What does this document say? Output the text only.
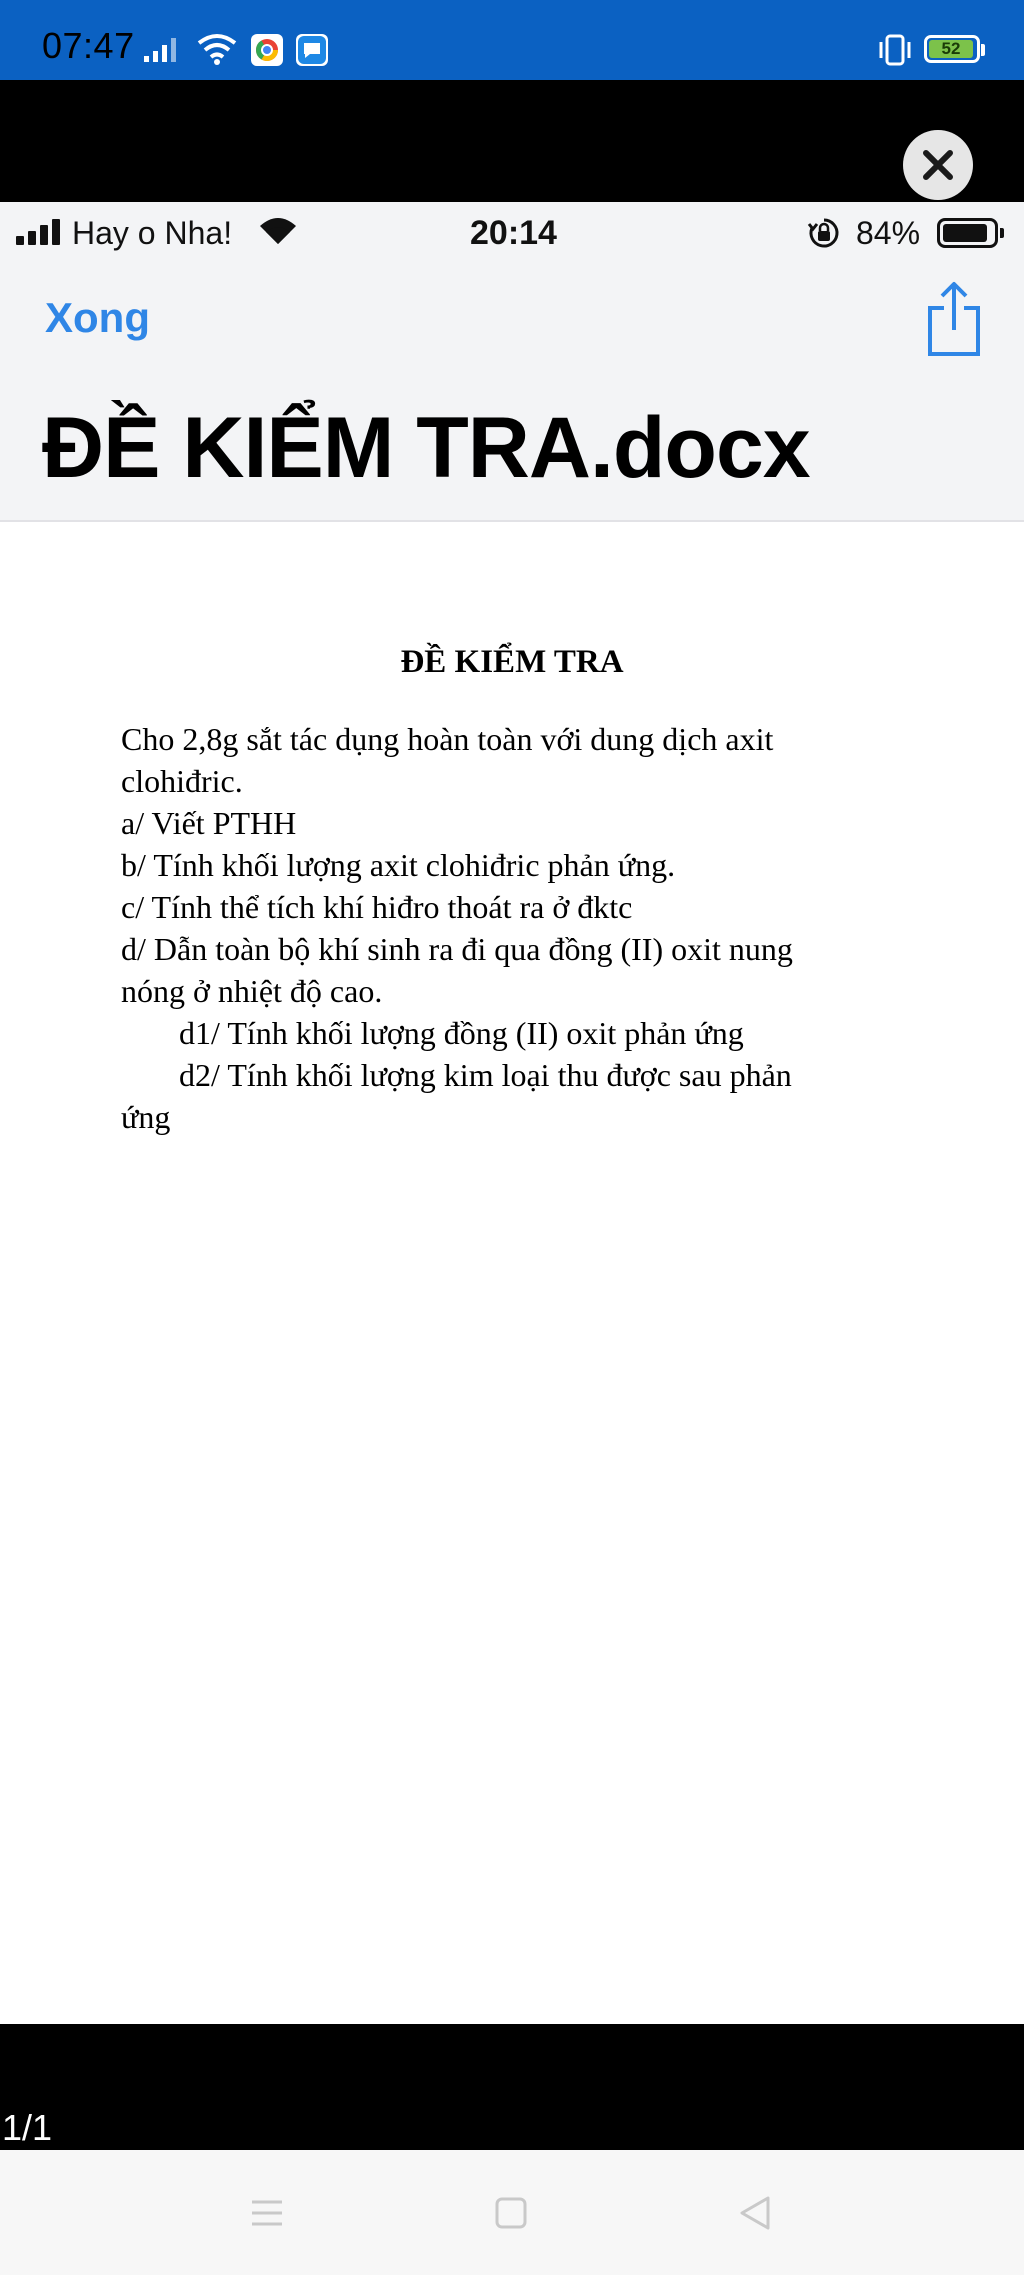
07:47	52
Hay o Nha!	20:14	84%
Xong
ĐỀ KIỂM TRA.docx
ĐỀ KIỂM TRA
Cho 2,8g sắt tác dụng hoàn toàn với dung dịch axit
clohiđric.
a/ Viết PTHH
b/ Tính khối lượng axit clohiđric phản ứng.
c/ Tính thể tích khí hiđro thoát ra ở đktc
d/ Dẫn toàn bộ khí sinh ra đi qua đồng (II) oxit nung
nóng ở nhiệt độ cao.
d1/ Tính khối lượng đồng (II) oxit phản ứng
d2/ Tính khối lượng kim loại thu được sau phản
ứng
1/1
